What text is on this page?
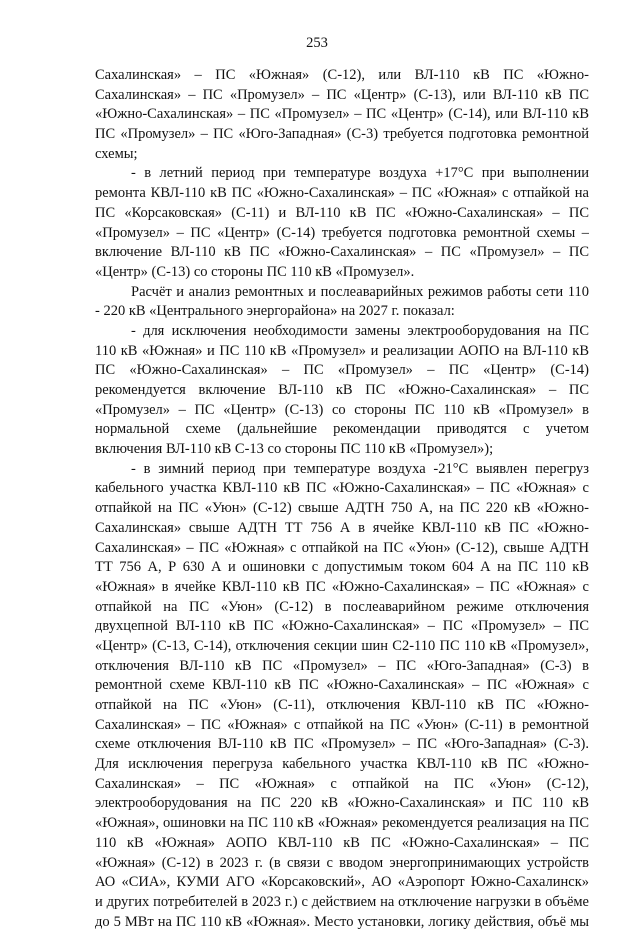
253
Сахалинская» – ПС «Южная» (С-12), или ВЛ-110 кВ ПС «Южно-
Сахалинская» – ПС «Промузел» – ПС «Центр» (С-13), или ВЛ-110 кВ ПС
«Южно-Сахалинская» – ПС «Промузел» – ПС «Центр» (С-14), или ВЛ-110 кВ
ПС «Промузел» – ПС «Юго-Западная» (С-3) требуется подготовка ремонтной
схемы;
- в летний период при температуре воздуха +17°С при выполнении
ремонта КВЛ-110 кВ ПС «Южно-Сахалинская» – ПС «Южная» с отпайкой на
ПС «Корсаковская» (С-11) и ВЛ-110 кВ ПС «Южно-Сахалинская» – ПС
«Промузел» – ПС «Центр» (С-14) требуется подготовка ремонтной схемы –
включение ВЛ-110 кВ ПС «Южно-Сахалинская» – ПС «Промузел» – ПС
«Центр» (С-13) со стороны ПС 110 кВ «Промузел».
Расчёт и анализ ремонтных и послеаварийных режимов работы сети 110
- 220 кВ «Центрального энергорайона» на 2027 г. показал:
- для исключения необходимости замены электрооборудования на ПС
110 кВ «Южная» и ПС 110 кВ «Промузел» и реализации АОПО на ВЛ-110 кВ
ПС «Южно-Сахалинская» – ПС «Промузел» – ПС «Центр» (С-14)
рекомендуется включение ВЛ-110 кВ ПС «Южно-Сахалинская» – ПС
«Промузел» – ПС «Центр» (С-13) со стороны ПС 110 кВ «Промузел» в
нормальной схеме (дальнейшие рекомендации приводятся с учетом
включения ВЛ-110 кВ С-13 со стороны ПС 110 кВ «Промузел»);
- в зимний период при температуре воздуха -21°С выявлен перегруз
кабельного участка КВЛ-110 кВ ПС «Южно-Сахалинская» – ПС «Южная» с
отпайкой на ПС «Уюн» (С-12) свыше АДТН 750 А, на ПС 220 кВ «Южно-
Сахалинская» свыше АДТН ТТ 756 А в ячейке КВЛ-110 кВ ПС «Южно-
Сахалинская» – ПС «Южная» с отпайкой на ПС «Уюн» (С-12), свыше АДТН
ТТ 756 А, Р 630 А и ошиновки с допустимым током 604 А на ПС 110 кВ
«Южная» в ячейке КВЛ-110 кВ ПС «Южно-Сахалинская» – ПС «Южная» с
отпайкой на ПС «Уюн» (С-12) в послеаварийном режиме отключения
двухцепной ВЛ-110 кВ ПС «Южно-Сахалинская» – ПС «Промузел» – ПС
«Центр» (С-13, С-14), отключения секции шин С2-110 ПС 110 кВ «Промузел»,
отключения ВЛ-110 кВ ПС «Промузел» – ПС «Юго-Западная» (С-3) в
ремонтной схеме КВЛ-110 кВ ПС «Южно-Сахалинская» – ПС «Южная» с
отпайкой на ПС «Уюн» (С-11), отключения КВЛ-110 кВ ПС «Южно-
Сахалинская» – ПС «Южная» с отпайкой на ПС «Уюн» (С-11) в ремонтной
схеме отключения ВЛ-110 кВ ПС «Промузел» – ПС «Юго-Западная» (С-3).
Для исключения перегруза кабельного участка КВЛ-110 кВ ПС «Южно-
Сахалинская» – ПС «Южная» с отпайкой на ПС «Уюн» (С-12),
электрооборудования на ПС 220 кВ «Южно-Сахалинская» и ПС 110 кВ
«Южная», ошиновки на ПС 110 кВ «Южная» рекомендуется реализация на ПС
110 кВ «Южная» АОПО КВЛ-110 кВ ПС «Южно-Сахалинская» – ПС
«Южная» (С-12) в 2023 г. (в связи с вводом энергопринимающих устройств
АО «СИА», КУМИ АГО «Корсаковский», АО «Аэропорт Южно-Сахалинск»
и других потребителей в 2023 г.) с действием на отключение нагрузки в объёме
до 5 МВт на ПС 110 кВ «Южная». Место установки, логику действия, объё мы
